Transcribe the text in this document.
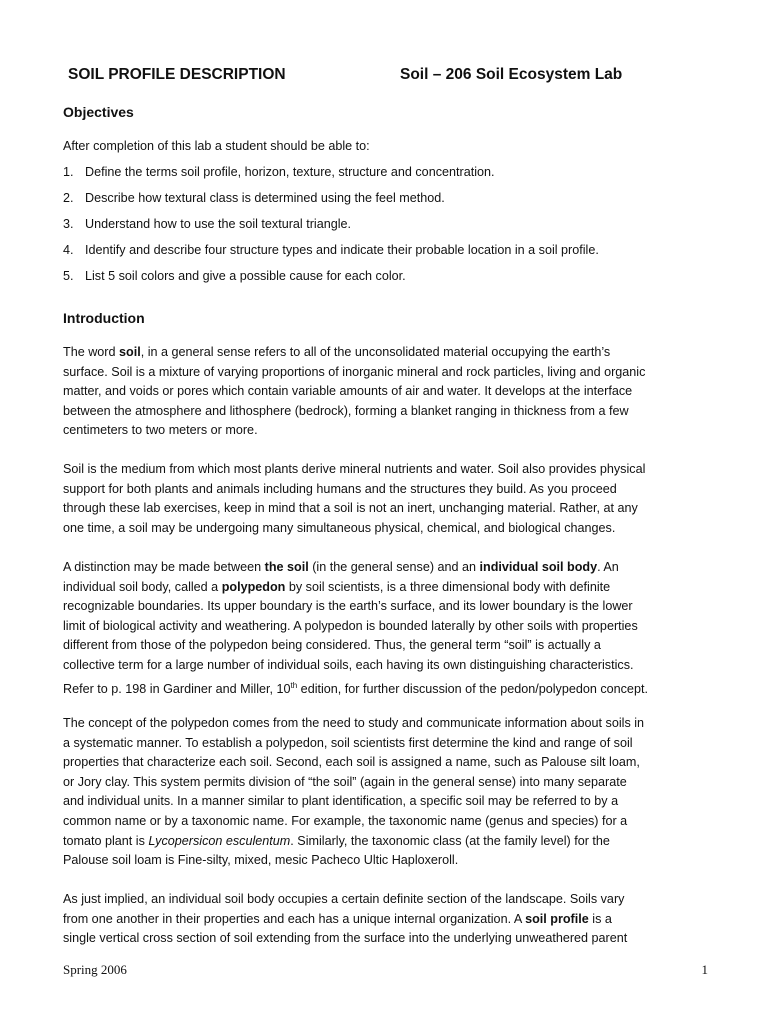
SOIL PROFILE DESCRIPTION	Soil – 206 Soil Ecosystem Lab
Objectives
After completion of this lab a student should be able to:
1. Define the terms soil profile, horizon, texture, structure and concentration.
2. Describe how textural class is determined using the feel method.
3. Understand how to use the soil textural triangle.
4. Identify and describe four structure types and indicate their probable location in a soil profile.
5. List 5 soil colors and give a possible cause for each color.
Introduction

The word soil, in a general sense refers to all of the unconsolidated material occupying the earth’s

surface. Soil is a mixture of varying proportions of inorganic mineral and rock particles, living and organic

matter, and voids or pores which contain variable amounts of air and water. It develops at the interface

between the atmosphere and lithosphere (bedrock), forming a blanket ranging in thickness from a few

centimeters to two meters or more.

Soil is the medium from which most plants derive mineral nutrients and water. Soil also provides physical

support for both plants and animals including humans and the structures they build. As you proceed

through these lab exercises, keep in mind that a soil is not an inert, unchanging material. Rather, at any

one time, a soil may be undergoing many simultaneous physical, chemical, and biological changes.

A distinction may be made between the soil (in the general sense) and an individual soil body. An

individual soil body, called a polypedon by soil scientists, is a three dimensional body with definite

recognizable boundaries. Its upper boundary is the earth’s surface, and its lower boundary is the lower

limit of biological activity and weathering. A polypedon is bounded laterally by other soils with properties

different from those of the polypedon being considered. Thus, the general term “soil” is actually a

collective term for a large number of individual soils, each having its own distinguishing characteristics.

Refer to p. 198 in Gardiner and Miller, 10th edition, for further discussion of the pedon/polypedon concept.

The concept of the polypedon comes from the need to study and communicate information about soils in

a systematic manner. To establish a polypedon, soil scientists first determine the kind and range of soil

properties that characterize each soil. Second, each soil is assigned a name, such as Palouse silt loam,

or Jory clay. This system permits division of “the soil” (again in the general sense) into many separate

and individual units. In a manner similar to plant identification, a specific soil may be referred to by a

common name or by a taxonomic name. For example, the taxonomic name (genus and species) for a

tomato plant is Lycopersicon esculentum. Similarly, the taxonomic class (at the family level) for the

Palouse soil loam is Fine-silty, mixed, mesic Pacheco Ultic Haploxeroll.

As just implied, an individual soil body occupies a certain definite section of the landscape. Soils vary

from one another in their properties and each has a unique internal organization. A soil profile is a

single vertical cross section of soil extending from the surface into the underlying unweathered parent

Spring 2006	1
